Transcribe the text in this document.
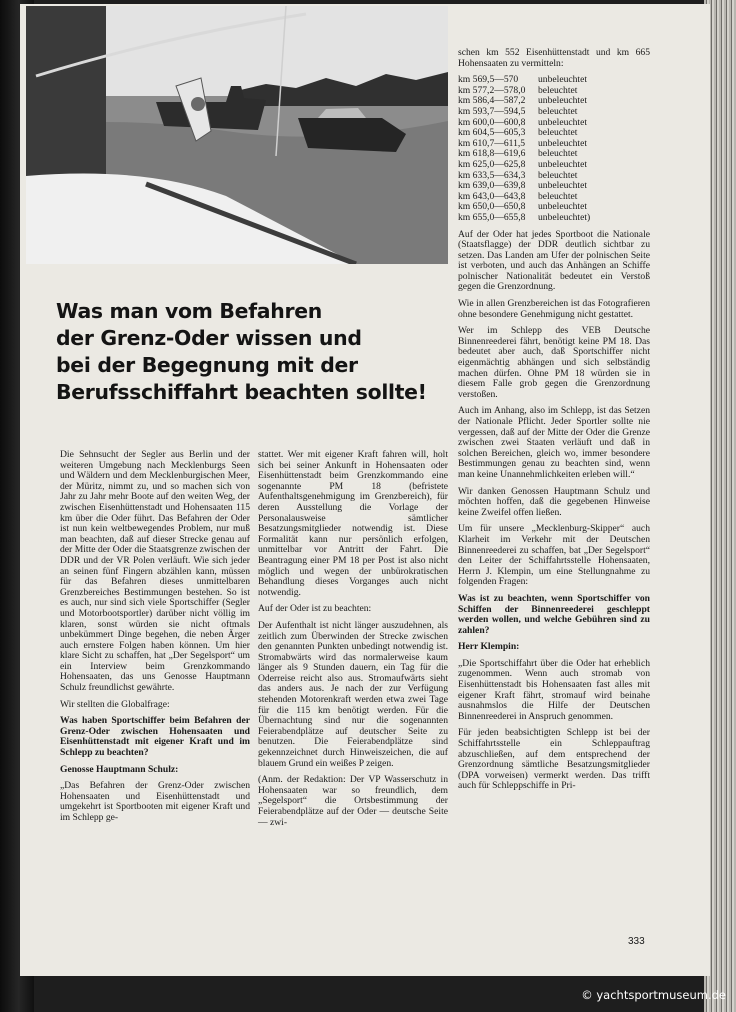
Was man vom Befahren
der Grenz-Oder wissen und
bei der Begegnung mit der
Berufsschiffahrt beachten sollte!

Die Sehnsucht der Segler aus Berlin und der weiteren Umgebung nach Mecklenburgs Seen und Wäldern und dem Mecklenburgischen Meer, der Müritz, nimmt zu, und so machen sich von Jahr zu Jahr mehr Boote auf den weiten Weg, der zwischen Eisenhüttenstadt und Hohensaaten 115 km über die Oder führt. Das Befahren der Oder ist nun kein weltbewegendes Problem, nur muß man beachten, daß auf dieser Strecke genau auf der Mitte der Oder die Staatsgrenze zwischen der DDR und der VR Polen verläuft. Wie sich jeder an seinen fünf Fingern abzählen kann, müssen für das Befahren dieses unmittelbaren Grenzbereiches Bestimmungen bestehen. So ist es auch, nur sind sich viele Sportschiffer (Segler und Motorbootsportler) darüber nicht völlig im klaren, sonst würden sie nicht oftmals unbekümmert Dinge begehen, die neben Ärger auch ernstere Folgen haben können. Um hier klare Sicht zu schaffen, hat „Der Segelsport“ um ein Interview beim Grenzkommando Hohensaaten, das uns Genosse Hauptmann Schulz freundlichst gewährte.

Wir stellten die Globalfrage:

Was haben Sportschiffer beim Befahren der Grenz-Oder zwischen Hohensaaten und Eisenhüttenstadt mit eigener Kraft und im Schlepp zu beachten?

Genosse Hauptmann Schulz:

„Das Befahren der Grenz-Oder zwischen Hohensaaten und Eisenhüttenstadt und umgekehrt ist Sportbooten mit eigener Kraft und im Schlepp ge-

stattet. Wer mit eigener Kraft fahren will, holt sich bei seiner Ankunft in Hohensaaten oder Eisenhüttenstadt beim Grenzkommando eine sogenannte PM 18 (befristete Aufenthaltsgenehmigung im Grenzbereich), für deren Ausstellung die Vorlage der Personalausweise sämtlicher Besatzungsmitglieder notwendig ist. Diese Formalität kann nur persönlich erfolgen, unmittelbar vor Antritt der Fahrt. Die Beantragung einer PM 18 per Post ist also nicht möglich und wegen der unbürokratischen Behandlung dieses Vorganges auch nicht notwendig.

Auf der Oder ist zu beachten:

Der Aufenthalt ist nicht länger auszudehnen, als zeitlich zum Überwinden der Strecke zwischen den genannten Punkten unbedingt notwendig ist. Stromabwärts wird das normalerweise kaum länger als 9 Stunden dauern, ein Tag für die Oderreise reicht also aus. Stromaufwärts sieht das anders aus. Je nach der zur Verfügung stehenden Motorenkraft werden etwa zwei Tage für die 115 km benötigt werden. Für die Übernachtung sind nur die sogenannten Feierabendplätze auf deutscher Seite zu benutzen. Die Feierabendplätze sind gekennzeichnet durch Hinweiszeichen, die auf blauem Grund ein weißes P zeigen.

(Anm. der Redaktion: Der VP Wasserschutz in Hohensaaten war so freundlich, dem „Segelsport“ die Ortsbestimmung der Feierabendplätze auf der Oder — deutsche Seite — zwi-

schen km 552 Eisenhüttenstadt und km 665 Hohensaaten zu vermitteln:

km 569,5—570	unbeleuchtet
km 577,2—578,0	beleuchtet
km 586,4—587,2	unbeleuchtet
km 593,7—594,5	beleuchtet
km 600,0—600,8	unbeleuchtet
km 604,5—605,3	beleuchtet
km 610,7—611,5	unbeleuchtet
km 618,8—619,6	beleuchtet
km 625,0—625,8	unbeleuchtet
km 633,5—634,3	beleuchtet
km 639,0—639,8	unbeleuchtet
km 643,0—643,8	beleuchtet
km 650,0—650,8	unbeleuchtet
km 655,0—655,8	unbeleuchtet)

Auf der Oder hat jedes Sportboot die Nationale (Staatsflagge) der DDR deutlich sichtbar zu setzen. Das Landen am Ufer der polnischen Seite ist verboten, und auch das Anhängen an Schiffe polnischer Nationalität bedeutet ein Verstoß gegen die Grenzordnung.

Wie in allen Grenzbereichen ist das Fotografieren ohne besondere Genehmigung nicht gestattet.

Wer im Schlepp des VEB Deutsche Binnenreederei fährt, benötigt keine PM 18. Das bedeutet aber auch, daß Sportschiffer nicht eigenmächtig abhängen und sich selbständig machen dürfen. Ohne PM 18 würden sie in diesem Falle grob gegen die Grenzordnung verstoßen.

Auch im Anhang, also im Schlepp, ist das Setzen der Nationale Pflicht. Jeder Sportler sollte nie vergessen, daß auf der Mitte der Oder die Grenze zwischen zwei Staaten verläuft und daß in solchen Bereichen, gleich wo, immer besondere Bestimmungen genau zu beachten sind, wenn man keine Unannehmlichkeiten erleben will.“

Wir danken Genossen Hauptmann Schulz und möchten hoffen, daß die gegebenen Hinweise keine Zweifel offen ließen.

Um für unsere „Mecklenburg-Skipper“ auch Klarheit im Verkehr mit der Deutschen Binnenreederei zu schaffen, bat „Der Segelsport“ den Leiter der Schiffahrtsstelle Hohensaaten, Herrn J. Klempin, um eine Stellungnahme zu folgenden Fragen:

Was ist zu beachten, wenn Sportschiffer von Schiffen der Binnenreederei geschleppt werden wollen, und welche Gebühren sind zu zahlen?

Herr Klempin:

„Die Sportschiffahrt über die Oder hat erheblich zugenommen. Wenn auch stromab von Eisenhüttenstadt bis Hohensaaten fast alles mit eigener Kraft fährt, stromauf wird beinahe ausnahmslos die Hilfe der Deutschen Binnenreederei in Anspruch genommen.

Für jeden beabsichtigten Schlepp ist bei der Schiffahrtsstelle ein Schleppauftrag abzuschließen, auf dem entsprechend der Grenzordnung sämtliche Besatzungsmitglieder (DPA vorweisen) vermerkt werden. Das trifft auch für Schleppschiffe in Pri-

333
© yachtsportmuseum.de
